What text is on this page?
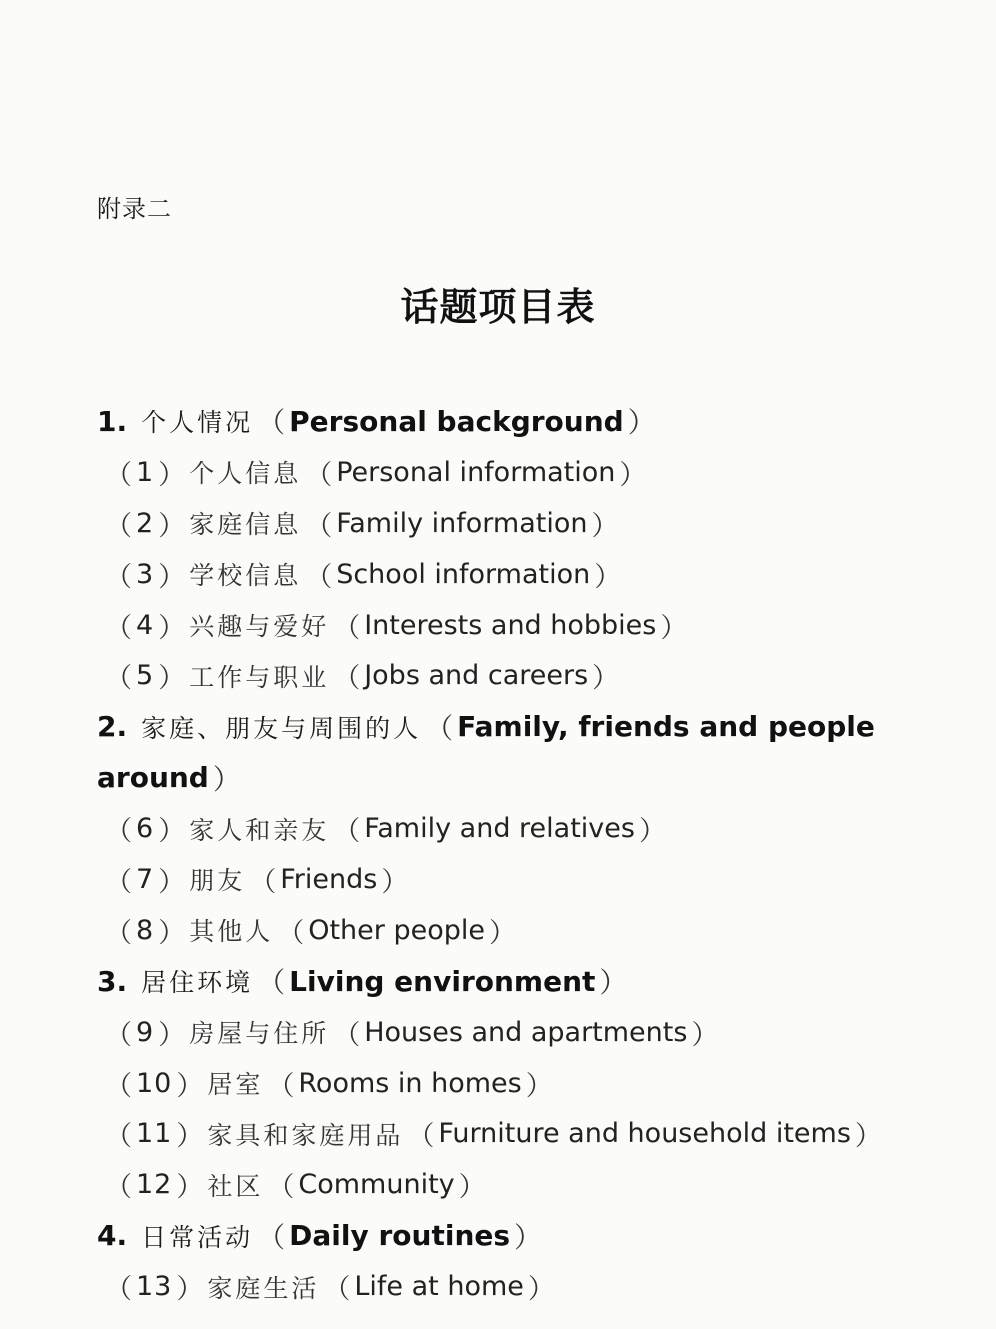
附录二
话题项目表
1. 个人情况 （ Personal background ）
（ 1 ） 个人信息 （ Personal information ）
（ 2 ） 家庭信息 （ Family information ）
（ 3 ） 学校信息 （ School information ）
（ 4 ） 兴趣与爱好 （ Interests and hobbies ）
（ 5 ） 工作与职业 （ Jobs and careers ）
2. 家庭、朋友与周围的人 （ Family, friends and people
around ）
（ 6 ） 家人和亲友 （ Family and relatives ）
（ 7 ） 朋友 （ Friends ）
（ 8 ） 其他人 （ Other people ）
3. 居住环境 （ Living environment ）
（ 9 ） 房屋与住所 （ Houses and apartments ）
（ 10 ） 居室 （ Rooms in homes ）
（ 11 ） 家具和家庭用品 （ Furniture and household items ）
（ 12 ） 社区 （ Community ）
4. 日常活动 （ Daily routines ）
（ 13 ） 家庭生活 （ Life at home ）
